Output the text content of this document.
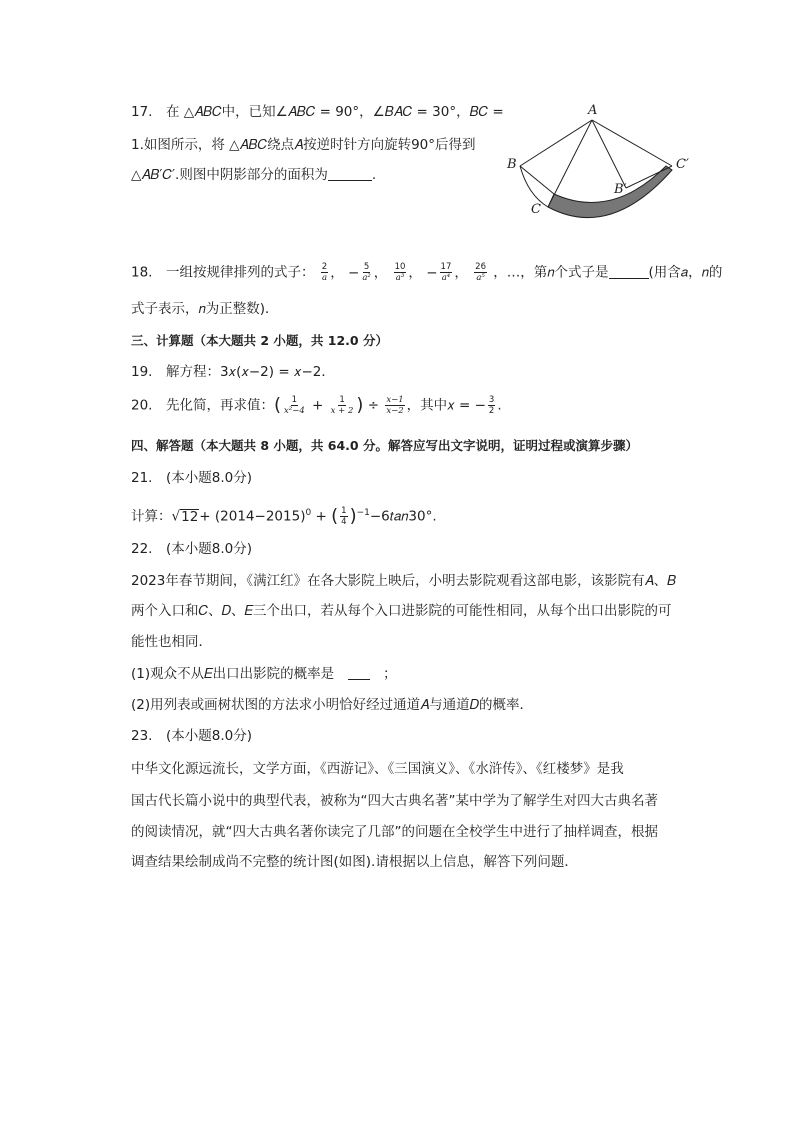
17.　在 △𝐴𝐵𝐶中，已知∠𝐴𝐵𝐶 = 90°，∠𝐵𝐴𝐶 = 30°，𝐵𝐶 =
1.如图所示，将 △𝐴𝐵𝐶绕点𝐴按逆时针方向旋转90°后得到
△𝐴𝐵′𝐶′.则图中阴影部分的面积为	.
A
B
C
B′
C′
18.　一组按规律排列的式子： $\frac{2}{a}$ ， − $\frac{5}{\text{a²}}$ ， $\frac{10}{\text{a³}}$ ， − $\frac{17}{\text{a⁴}}$ ， $\frac{26}{\text{a⁵}}$ ，…，第𝑛个式子是	(用含𝑎，𝑛的
式子表示，𝑛为正整数)．
三、计算题（本大题共 2 小题，共 12.0 分）
19.　解方程：3𝑥(𝑥−2) = 𝑥−2．
20.　先化简，再求值：( $\frac{1}{\text{x²−4}} + \frac{1}{x + 2}$ ) ÷ $\frac{x-1}{x-2}$ ，其中𝑥 = − $\frac{3}{2}$ .
四、解答题（本大题共 8 小题，共 64.0 分。解答应写出文字说明，证明过程或演算步骤）
21.　(本小题8.0分)
计算：$√12+ (2014-2015)^0$ + ( $\frac{1}{4}$ )$^{-1}$−6𝑡𝑎𝑛30°.
22.　(本小题8.0分)
2023年春节期间，《满江红》在各大影院上映后，小明去影院观看这部电影，该影院有𝐴、𝐵
两个入口和𝐶、𝐷、𝐸三个出口，若从每个入口进影院的可能性相同，从每个出口出影院的可
能性也相同．
(1)观众不从𝐸出口出影院的概率是　　	；
(2)用列表或画树状图的方法求小明恰好经过通道𝐴与通道𝐷的概率．
23.　(本小题8.0分)
中华文化源远流长，文学方面，《西游记》、《三国演义》、《水浒传》、《红楼梦》是我
国古代长篇小说中的典型代表，被称为“四大古典名著”某中学为了解学生对四大古典名著
的阅读情况，就“四大古典名著你读完了几部”的问题在全校学生中进行了抽样调查，根据
调查结果绘制成尚不完整的统计图(如图).请根据以上信息，解答下列问题．
